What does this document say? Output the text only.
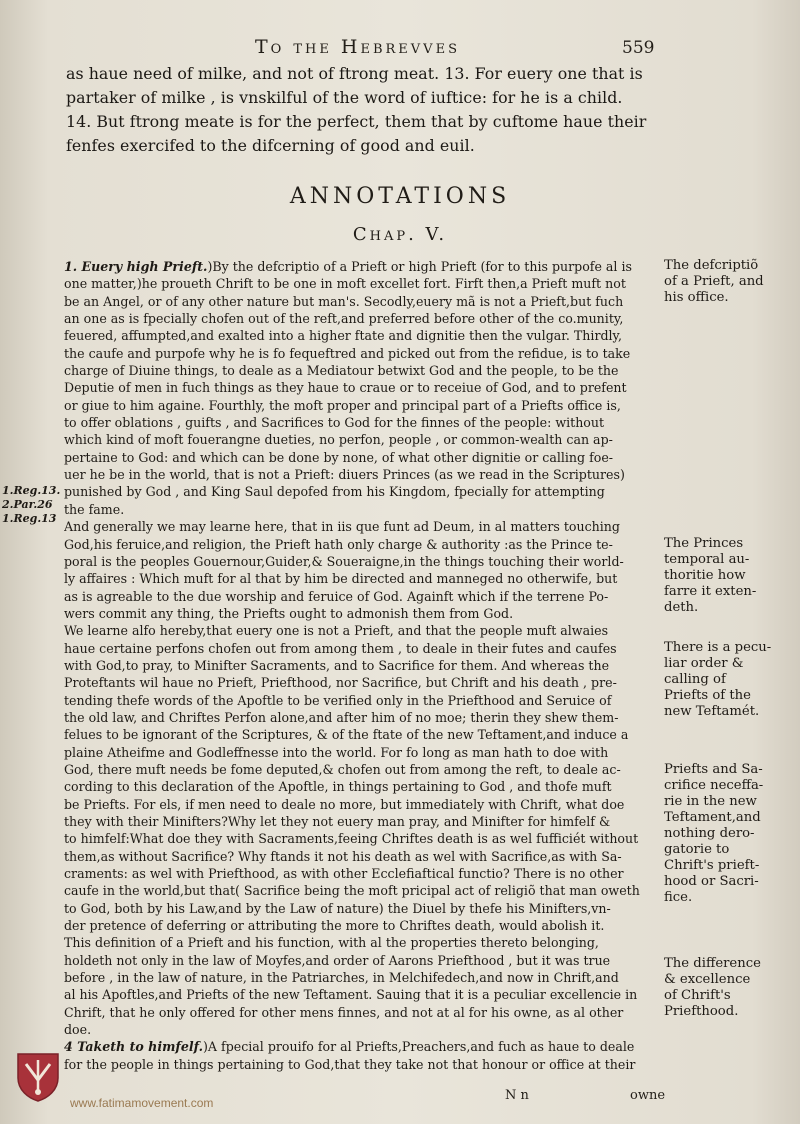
To the Hebrevves	559
as haue need of milke, and not of ftrong meat. 13. For euery one that is
partaker of milke , is vnskilful of the word of iuftice: for he is a child.
14. But ftrong meate is for the perfect, them that by cuftome haue their
fenfes exercifed to the difcerning of good and euil.
ANNOTATIONS
Chap. V.
1. Euery high Prieft.)By the defcriptio of a Prieft or high Prieft (for to this purpofe al is
one matter,)he proueth Chrift to be one in moft excellet fort. Firft then,a Prieft muft not
be an Angel, or of any other nature but man's. Secodly,euery mã is not a Prieft,but fuch
an one as is fpecially chofen out of the reft,and preferred before other of the co.munity,
feuered, affumpted,and exalted into a higher ftate and dignitie then the vulgar. Thirdly,
the caufe and purpofe why he is fo fequeftred and picked out from the refidue, is to take
charge of Diuine things, to deale as a Mediatour betwixt God and the people, to be the
Deputie of men in fuch things as they haue to craue or to receiue of God, and to prefent
or giue to him againe. Fourthly, the moft proper and principal part of a Priefts office is,
to offer oblations , guifts , and Sacrifices to God for the finnes of the people: without
which kind of moft fouerangne dueties, no perfon, people , or common-wealth can ap-
pertaine to God: and which can be done by none, of what other dignitie or calling foe-
uer he be in the world, that is not a Prieft: diuers Princes (as we read in the Scriptures)
punished by God , and King Saul depofed from his Kingdom, fpecially for attempting
the fame.
And generally we may learne here, that in iis que funt ad Deum, in al matters touching
God,his feruice,and religion, the Prieft hath only charge & authority :as the Prince te-
poral is the peoples Gouernour,Guider,& Soueraigne,in the things touching their world-
ly affaires : Which muft for al that by him be directed and manneged no otherwife, but
as is agreable to the due worship and feruice of God. Againft which if the terrene Po-
wers commit any thing, the Priefts ought to admonish them from God.
We learne alfo hereby,that euery one is not a Prieft, and that the people muft alwaies
haue certaine perfons chofen out from among them , to deale in their futes and caufes
with God,to pray, to Minifter Sacraments, and to Sacrifice for them. And whereas the
Proteftants wil haue no Prieft, Priefthood, nor Sacrifice, but Chrift and his death , pre-
tending thefe words of the Apoftle to be verified only in the Priefthood and Seruice of
the old law, and Chriftes Perfon alone,and after him of no moe; therin they shew them-
felues to be ignorant of the Scriptures, & of the ftate of the new Teftament,and induce a
plaine Atheifme and Godleffnesse into the world. For fo long as man hath to doe with
God, there muft needs be fome deputed,& chofen out from among the reft, to deale ac-
cording to this declaration of the Apoftle, in things pertaining to God , and thofe muft
be Priefts. For els, if men need to deale no more, but immediately with Chrift, what doe
they with their Minifters?Why let they not euery man pray, and Minifter for himfelf &
to himfelf:What doe they with Sacraments,feeing Chriftes death is as wel fufficiét without
them,as without Sacrifice? Why ftands it not his death as wel with Sacrifice,as with Sa-
craments: as wel with Priefthood, as with other Ecclefiaftical functio? There is no other
caufe in the world,but that( Sacrifice being the moft pricipal act of religiõ that man oweth
to God, both by his Law,and by the Law of nature) the Diuel by thefe his Minifters,vn-
der pretence of deferring or attributing the more to Chriftes death, would abolish it.
This definition of a Prieft and his function, with al the properties thereto belonging,
holdeth not only in the law of Moyfes,and order of Aarons Priefthood , but it was true
before , in the law of nature, in the Patriarches, in Melchifedech,and now in Chrift,and
al his Apoftles,and Priefts of the new Teftament. Sauing that it is a peculiar excellencie in
Chrift, that he only offered for other mens finnes, and not at al for his owne, as al other
doe.
4 Taketh to himfelf.)A fpecial prouifo for al Priefts,Preachers,and fuch as haue to deale
for the people in things pertaining to God,that they take not that honour or office at their
The defcriptiõ
of a Prieft, and
his office.
The Princes
temporal au-
thoritie how
farre it exten-
deth.
There is a pecu-
liar order &
calling of
Priefts of the
new Teftamét.
Priefts and Sa-
crifice neceffa-
rie in the new
Teftament,and
nothing dero-
gatorie to
Chrift's prieft-
hood or Sacri-
fice.
The difference
& excellence
of Chrift's
Priefthood.
1.Reg.13.
2.Par.26
1.Reg.13
N n	owne
www.fatimamovement.com
